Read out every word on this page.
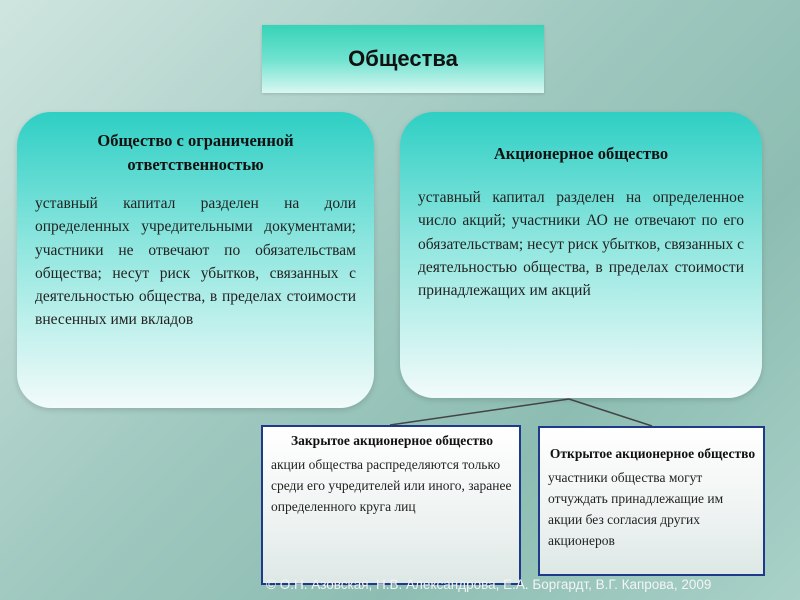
Общества
Общество с ограниченной ответственностью

уставный капитал разделен на доли определенных учредительными документами; участники не отвечают по обязательствам общества; несут риск убытков, связанных с деятельностью общества, в пределах стоимости внесенных ими вкладов

Акционерное общество

уставный капитал разделен на определенное число акций; участники АО не отвечают по его обязательствам; несут риск убытков, связанных с деятельностью общества, в пределах стоимости принадлежащих им акций

Закрытое акционерное общество

акции общества распределяются только среди его учредителей или иного, заранее определенного круга лиц

Открытое акционерное общество

участники общества могут отчуждать принадлежащие им акции без согласия других акционеров

© О.Н. Азовская, Н.В. Александрова, Е.А. Боргардт, В.Г. Капрова, 2009
